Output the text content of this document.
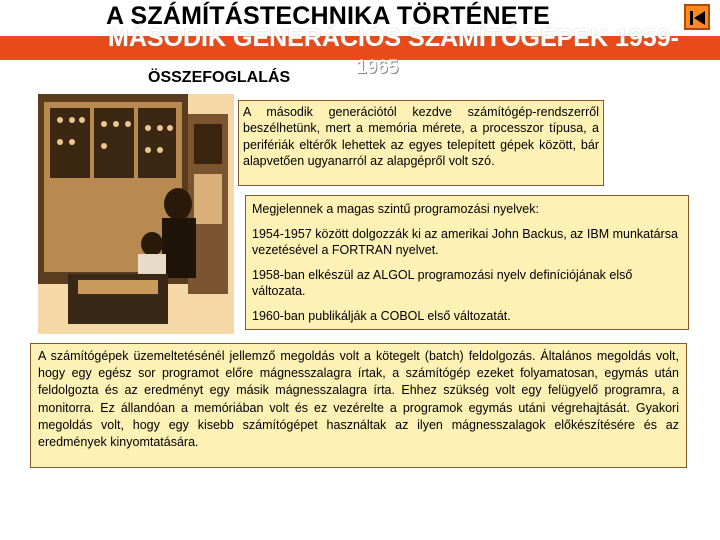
A SZÁMÍTÁSTECHNIKA TÖRTÉNETE
MÁSODIK GENERÁCIÓS SZÁMÍTÓGÉPEK 1959-
1965
ÖSSZEFOGLALÁS
A második generációtól kezdve számítógép-rendszerről beszélhetünk, mert a memória mérete, a processzor típusa, a perifériák eltérők lehettek az egyes telepített gépek között, bár alapvetően ugyanarról az alapgépről volt szó.

Megjelennek a magas szintű programozási nyelvek:

1954-1957 között dolgozzák ki az amerikai John Backus, az IBM munkatársa vezetésével a FORTRAN nyelvet.

1958-ban elkészül az ALGOL programozási nyelv definíciójának első változata.

1960-ban publikálják a COBOL első változatát.

A számítógépek üzemeltetésénél jellemző megoldás volt a kötegelt (batch) feldolgozás. Általános megoldás volt, hogy egy egész sor programot előre mágnesszalagra írtak, a számítógép ezeket folyamatosan, egymás után feldolgozta és az eredményt egy másik mágnesszalagra írta. Ehhez szükség volt egy felügyelő programra, a monitorra. Ez állandóan a memóriában volt és ez vezérelte a programok egymás utáni végrehajtását. Gyakori megoldás volt, hogy egy kisebb számítógépet használtak az ilyen mágnesszalagok előkészítésére és az eredmények kinyomtatására.
